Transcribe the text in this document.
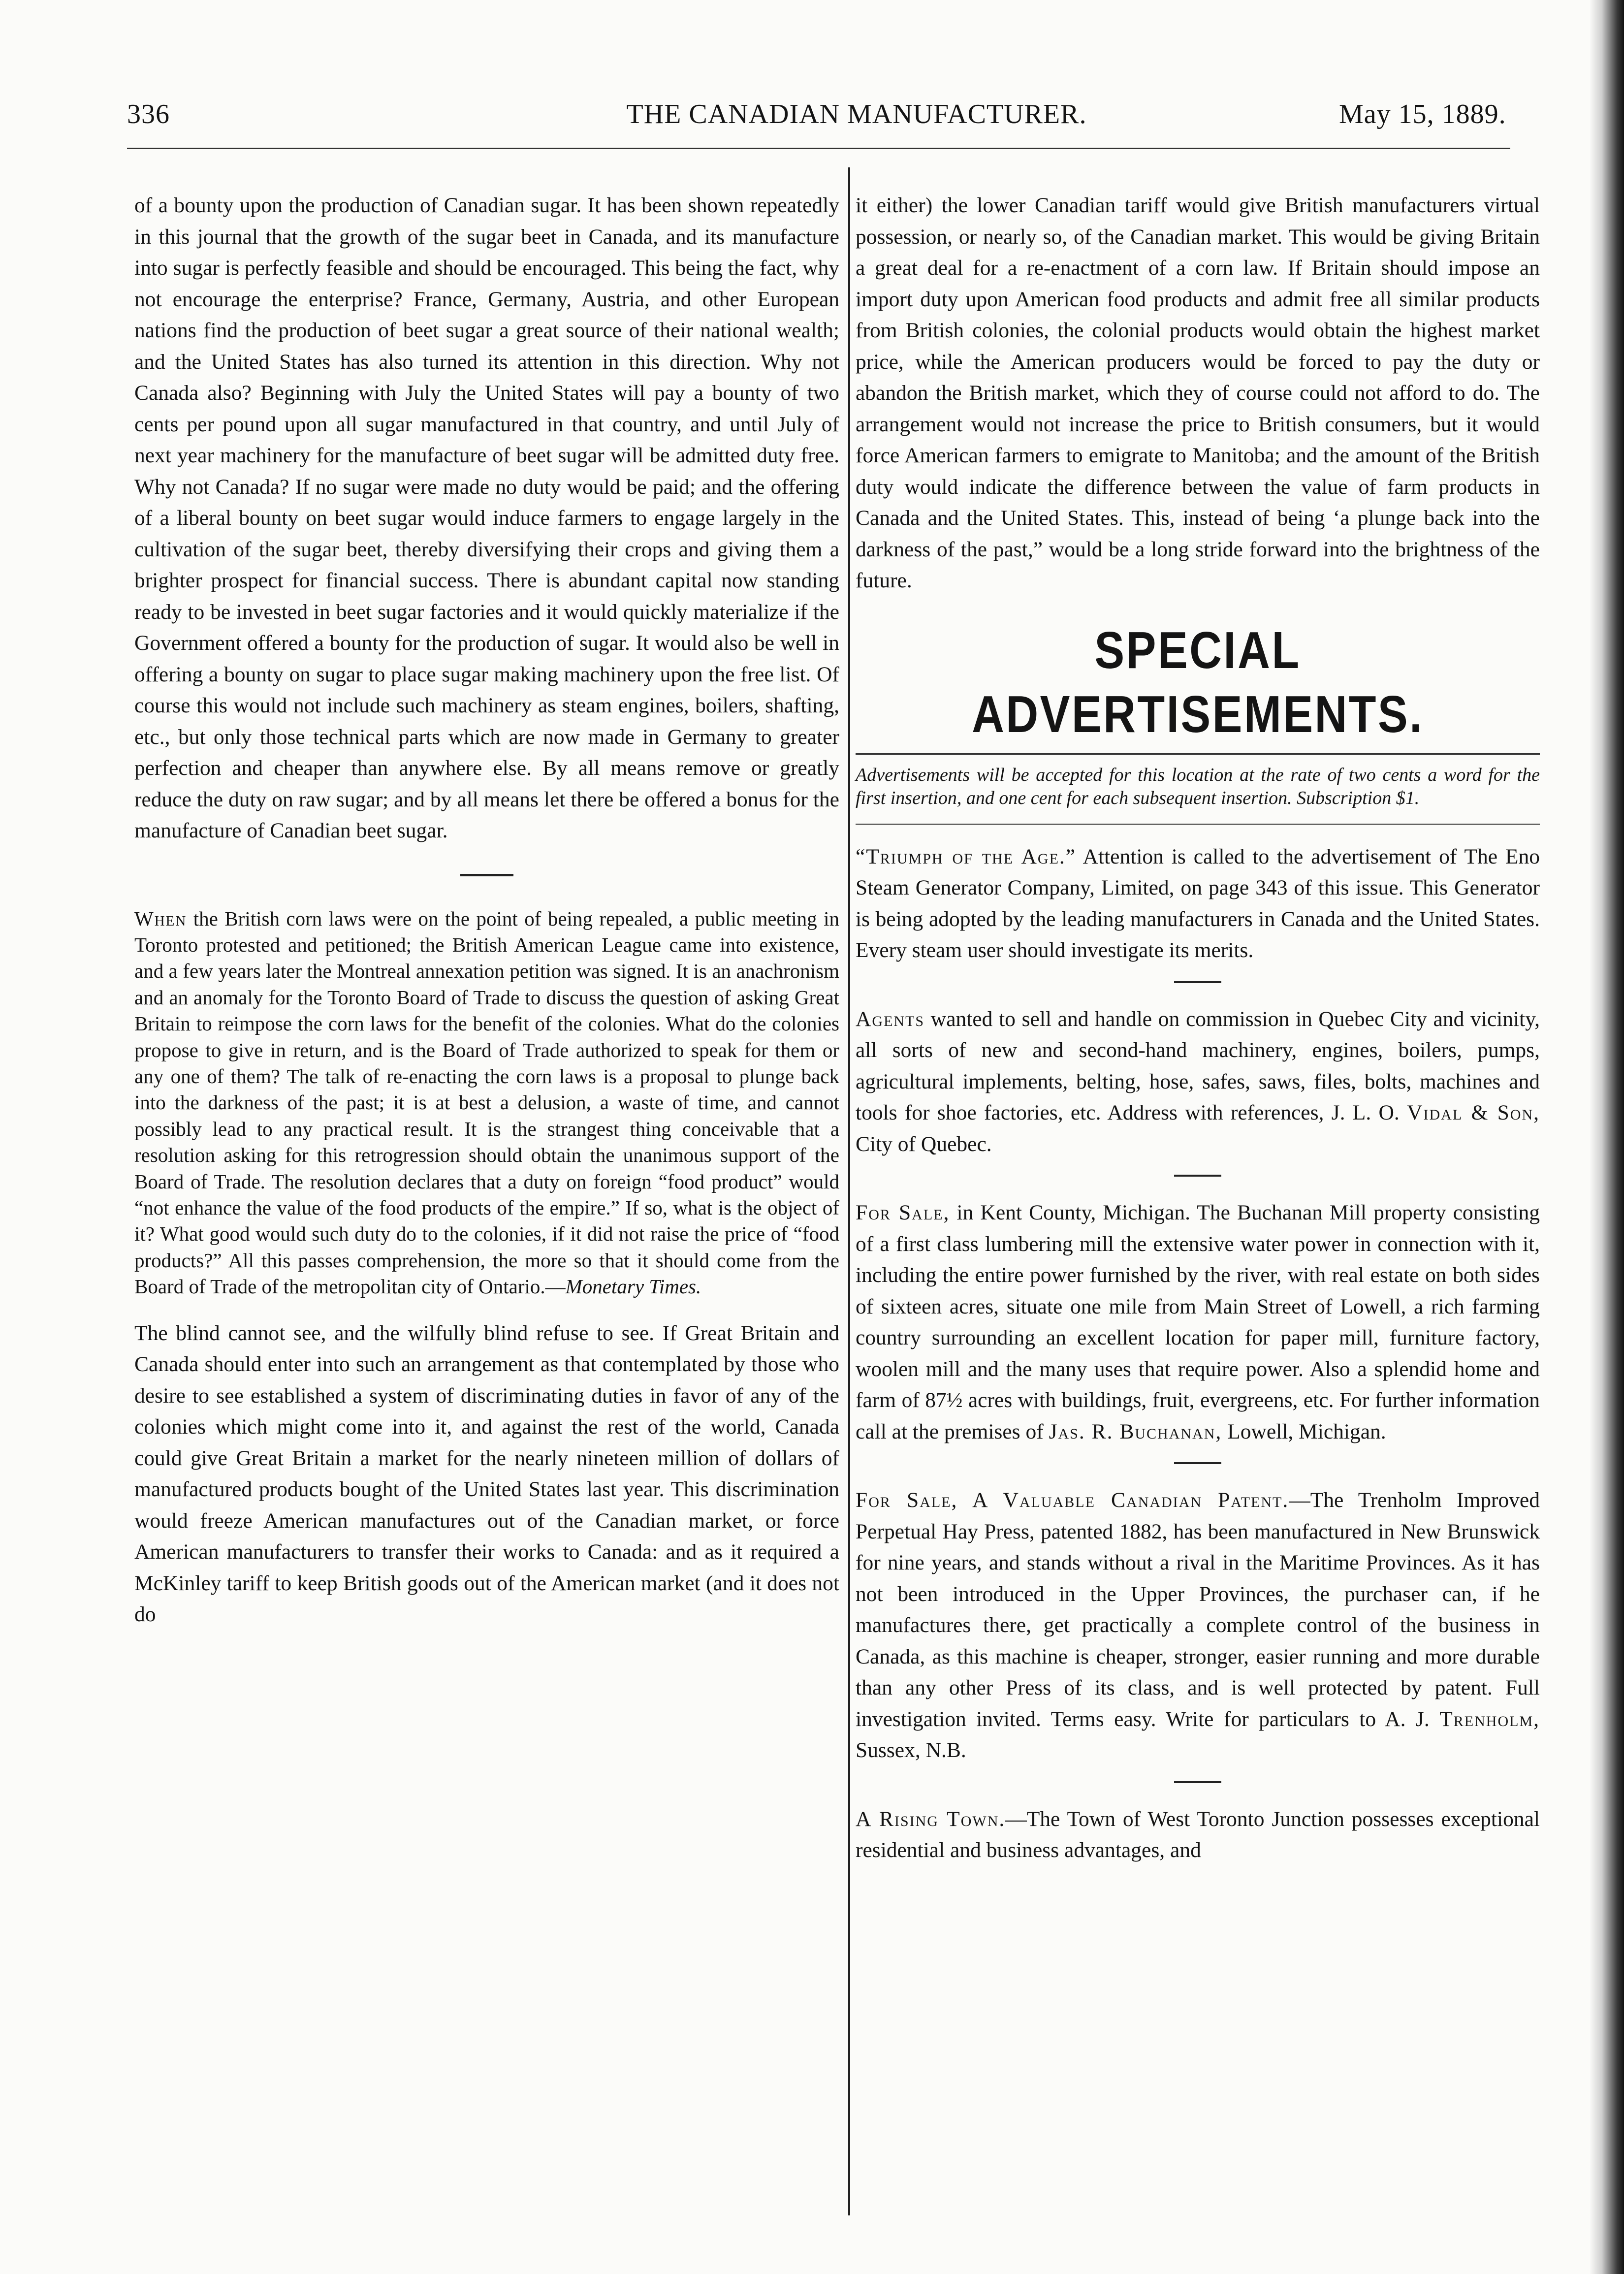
336	THE CANADIAN MANUFACTURER.	May 15, 1889.

of a bounty upon the production of Canadian sugar. It has been shown repeatedly in this journal that the growth of the sugar beet in Canada, and its manufacture into sugar is perfectly feasible and should be encouraged. This being the fact, why not encourage the enterprise? France, Germany, Austria, and other European nations find the production of beet sugar a great source of their national wealth; and the United States has also turned its attention in this direction. Why not Canada also? Beginning with July the United States will pay a bounty of two cents per pound upon all sugar manufactured in that country, and until July of next year machinery for the manufacture of beet sugar will be admitted duty free. Why not Canada? If no sugar were made no duty would be paid; and the offering of a liberal bounty on beet sugar would induce farmers to engage largely in the cultivation of the sugar beet, thereby diversifying their crops and giving them a brighter prospect for financial success. There is abundant capital now standing ready to be invested in beet sugar factories and it would quickly materialize if the Government offered a bounty for the production of sugar. It would also be well in offering a bounty on sugar to place sugar making machinery upon the free list. Of course this would not include such machinery as steam engines, boilers, shafting, etc., but only those technical parts which are now made in Germany to greater perfection and cheaper than anywhere else. By all means remove or greatly reduce the duty on raw sugar; and by all means let there be offered a bonus for the manufacture of Canadian beet sugar.

When the British corn laws were on the point of being repealed, a public meeting in Toronto protested and petitioned; the British American League came into existence, and a few years later the Montreal annexation petition was signed. It is an anachronism and an anomaly for the Toronto Board of Trade to discuss the question of asking Great Britain to reimpose the corn laws for the benefit of the colonies. What do the colonies propose to give in return, and is the Board of Trade authorized to speak for them or any one of them? The talk of re-enacting the corn laws is a proposal to plunge back into the darkness of the past; it is at best a delusion, a waste of time, and cannot possibly lead to any practical result. It is the strangest thing conceivable that a resolution asking for this retrogression should obtain the unanimous support of the Board of Trade. The resolution declares that a duty on foreign “food product” would “not enhance the value of the food products of the empire.” If so, what is the object of it? What good would such duty do to the colonies, if it did not raise the price of “food products?” All this passes comprehension, the more so that it should come from the Board of Trade of the metropolitan city of Ontario.—Monetary Times.

The blind cannot see, and the wilfully blind refuse to see. If Great Britain and Canada should enter into such an arrangement as that contemplated by those who desire to see established a system of discriminating duties in favor of any of the colonies which might come into it, and against the rest of the world, Canada could give Great Britain a market for the nearly nineteen million of dollars of manufactured products bought of the United States last year. This discrimination would freeze American manufactures out of the Canadian market, or force American manufacturers to transfer their works to Canada: and as it required a McKinley tariff to keep British goods out of the American market (and it does not do

it either) the lower Canadian tariff would give British manufacturers virtual possession, or nearly so, of the Canadian market. This would be giving Britain a great deal for a re-enactment of a corn law. If Britain should impose an import duty upon American food products and admit free all similar products from British colonies, the colonial products would obtain the highest market price, while the American producers would be forced to pay the duty or abandon the British market, which they of course could not afford to do. The arrangement would not increase the price to British consumers, but it would force American farmers to emigrate to Manitoba; and the amount of the British duty would indicate the difference between the value of farm products in Canada and the United States. This, instead of being ‘a plunge back into the darkness of the past,” would be a long stride forward into the brightness of the future.

SPECIAL ADVERTISEMENTS.

Advertisements will be accepted for this location at the rate of two cents a word for the first insertion, and one cent for each subsequent insertion. Subscription $1.

“Triumph of the Age.” Attention is called to the advertisement of The Eno Steam Generator Company, Limited, on page 343 of this issue. This Generator is being adopted by the leading manufacturers in Canada and the United States. Every steam user should investigate its merits.

Agents wanted to sell and handle on commission in Quebec City and vicinity, all sorts of new and second-hand machinery, engines, boilers, pumps, agricultural implements, belting, hose, safes, saws, files, bolts, machines and tools for shoe factories, etc. Address with references, J. L. O. Vidal & Son, City of Quebec.

For Sale, in Kent County, Michigan. The Buchanan Mill property consisting of a first class lumbering mill the extensive water power in connection with it, including the entire power furnished by the river, with real estate on both sides of sixteen acres, situate one mile from Main Street of Lowell, a rich farming country surrounding an excellent location for paper mill, furniture factory, woolen mill and the many uses that require power. Also a splendid home and farm of 87½ acres with buildings, fruit, evergreens, etc. For further information call at the premises of Jas. R. Buchanan, Lowell, Michigan.

For Sale, A Valuable Canadian Patent.—The Trenholm Improved Perpetual Hay Press, patented 1882, has been manufactured in New Brunswick for nine years, and stands without a rival in the Maritime Provinces. As it has not been introduced in the Upper Provinces, the purchaser can, if he manufactures there, get practically a complete control of the business in Canada, as this machine is cheaper, stronger, easier running and more durable than any other Press of its class, and is well protected by patent. Full investigation invited. Terms easy. Write for particulars to A. J. Trenholm, Sussex, N.B.

A Rising Town.—The Town of West Toronto Junction possesses exceptional residential and business advantages, and
